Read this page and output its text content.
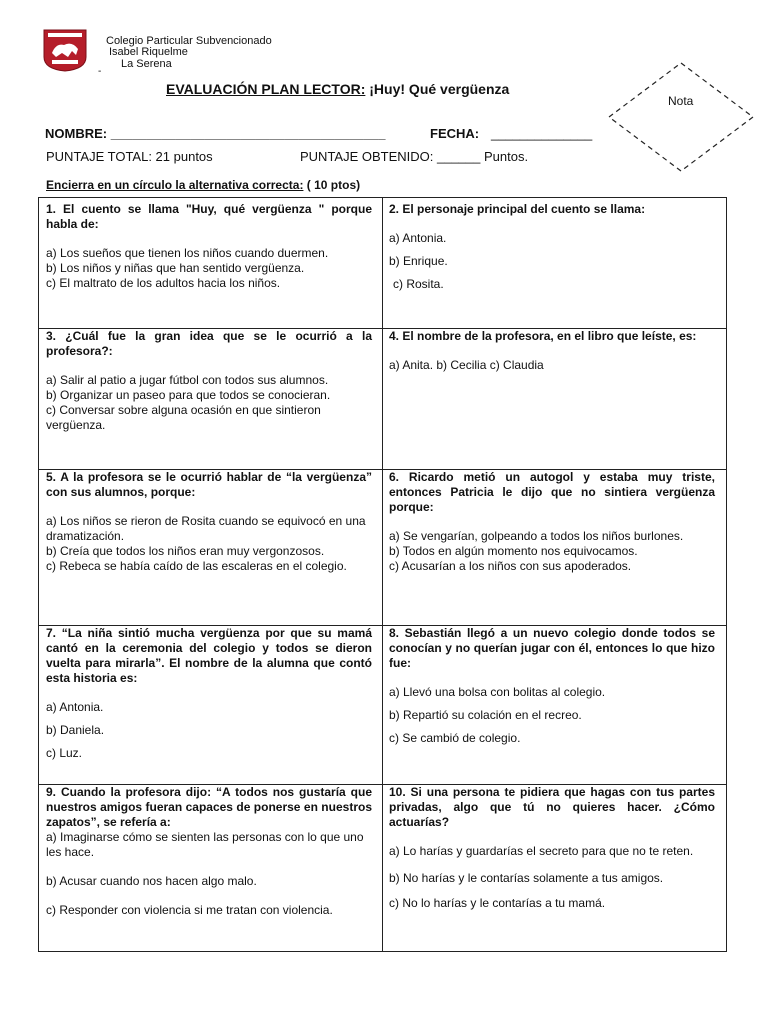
Colegio Particular Subvencionado
Isabel Riquelme
La Serena
-
EVALUACIÓN PLAN LECTOR: ¡Huy! Qué vergüenza
Nota
NOMBRE: ______________________________________	FECHA: ______________
PUNTAJE TOTAL: 21 puntos	PUNTAJE OBTENIDO: ______ Puntos.
Encierra en un círculo la alternativa correcta: ( 10 ptos)
1. El cuento se llama "Huy, qué vergüenza " porque habla de:
a) Los sueños que tienen los niños cuando duermen.
b) Los niños y niñas que han sentido vergüenza.
c) El maltrato de los adultos hacia los niños.
2. El personaje principal del cuento se llama:
a) Antonia.
b) Enrique.
c) Rosita.
3. ¿Cuál fue la gran idea que se le ocurrió a la profesora?:
a) Salir al patio a jugar fútbol con todos sus alumnos.
b) Organizar un paseo para que todos se conocieran.
c) Conversar sobre alguna ocasión en que sintieron vergüenza.
4. El nombre de la profesora, en el libro que leíste, es:
a) Anita. b) Cecilia c) Claudia
5. A la profesora se le ocurrió hablar de “la vergüenza” con sus alumnos, porque:
a) Los niños se rieron de Rosita cuando se equivocó en una dramatización.
b) Creía que todos los niños eran muy vergonzosos.
c) Rebeca se había caído de las escaleras en el colegio.
6. Ricardo metió un autogol y estaba muy triste, entonces Patricia le dijo que no sintiera vergüenza porque:
a) Se vengarían, golpeando a todos los niños burlones.
b) Todos en algún momento nos equivocamos.
c) Acusarían a los niños con sus apoderados.
7. “La niña sintió mucha vergüenza por que su mamá cantó en la ceremonia del colegio y todos se dieron vuelta para mirarla”. El nombre de la alumna que contó esta historia es:
a) Antonia.
b) Daniela.
c) Luz.
8. Sebastián llegó a un nuevo colegio donde todos se conocían y no querían jugar con él, entonces lo que hizo fue:
a) Llevó una bolsa con bolitas al colegio.
b) Repartió su colación en el recreo.
c) Se cambió de colegio.
9. Cuando la profesora dijo: “A todos nos gustaría que nuestros amigos fueran capaces de ponerse en nuestros zapatos”, se refería a:
a) Imaginarse cómo se sienten las personas con lo que uno les hace.
b) Acusar cuando nos hacen algo malo.
c) Responder con violencia si me tratan con violencia.
10. Si una persona te pidiera que hagas con tus partes privadas, algo que tú no quieres hacer. ¿Cómo actuarías?
a) Lo harías y guardarías el secreto para que no te reten.
b) No harías y le contarías solamente a tus amigos.
c) No lo harías y le contarías a tu mamá.
